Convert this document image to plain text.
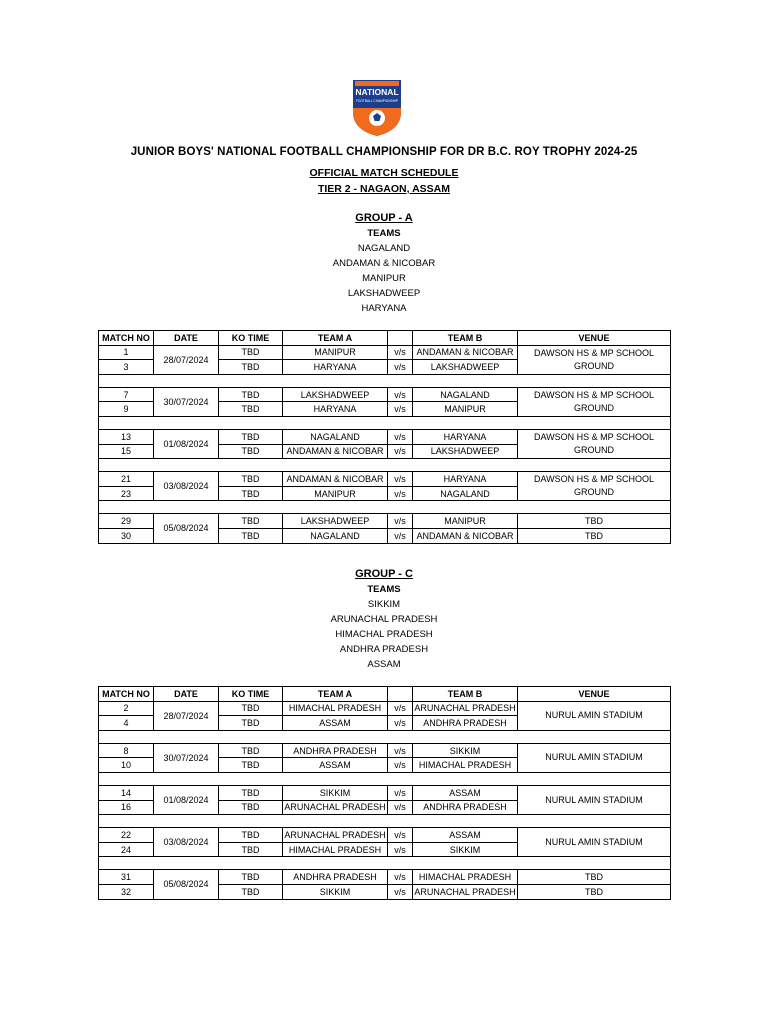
NATIONAL
FOOTBALL CHAMPIONSHIP
JUNIOR BOYS' NATIONAL FOOTBALL CHAMPIONSHIP FOR DR B.C. ROY TROPHY 2024-25
OFFICIAL MATCH SCHEDULE
TIER 2 - NAGAON, ASSAM
GROUP - A
TEAMS
NAGALAND
ANDAMAN & NICOBAR
MANIPUR
LAKSHADWEEP
HARYANA
MATCH NO	DATE	KO TIME	TEAM A		TEAM B	VENUE
1	28/07/2024	TBD	MANIPUR	v/s	ANDAMAN & NICOBAR	DAWSON HS & MP SCHOOL GROUND
3		TBD	HARYANA	v/s	LAKSHADWEEP	

7	30/07/2024	TBD	LAKSHADWEEP	v/s	NAGALAND	DAWSON HS & MP SCHOOL GROUND
9		TBD	HARYANA	v/s	MANIPUR	

13	01/08/2024	TBD	NAGALAND	v/s	HARYANA	DAWSON HS & MP SCHOOL GROUND
15		TBD	ANDAMAN & NICOBAR	v/s	LAKSHADWEEP	

21	03/08/2024	TBD	ANDAMAN & NICOBAR	v/s	HARYANA	DAWSON HS & MP SCHOOL GROUND
23		TBD	MANIPUR	v/s	NAGALAND	

29	05/08/2024	TBD	LAKSHADWEEP	v/s	MANIPUR	TBD
30		TBD	NAGALAND	v/s	ANDAMAN & NICOBAR	TBD
GROUP - C
TEAMS
SIKKIM
ARUNACHAL PRADESH
HIMACHAL PRADESH
ANDHRA PRADESH
ASSAM
MATCH NO	DATE	KO TIME	TEAM A		TEAM B	VENUE
2	28/07/2024	TBD	HIMACHAL PRADESH	v/s	ARUNACHAL PRADESH	NURUL AMIN STADIUM
4		TBD	ASSAM	v/s	ANDHRA PRADESH	

8	30/07/2024	TBD	ANDHRA PRADESH	v/s	SIKKIM	NURUL AMIN STADIUM
10		TBD	ASSAM	v/s	HIMACHAL PRADESH	

14	01/08/2024	TBD	SIKKIM	v/s	ASSAM	NURUL AMIN STADIUM
16		TBD	ARUNACHAL PRADESH	v/s	ANDHRA PRADESH	

22	03/08/2024	TBD	ARUNACHAL PRADESH	v/s	ASSAM	NURUL AMIN STADIUM
24		TBD	HIMACHAL PRADESH	v/s	SIKKIM	

31	05/08/2024	TBD	ANDHRA PRADESH	v/s	HIMACHAL PRADESH	TBD
32		TBD	SIKKIM	v/s	ARUNACHAL PRADESH	TBD
